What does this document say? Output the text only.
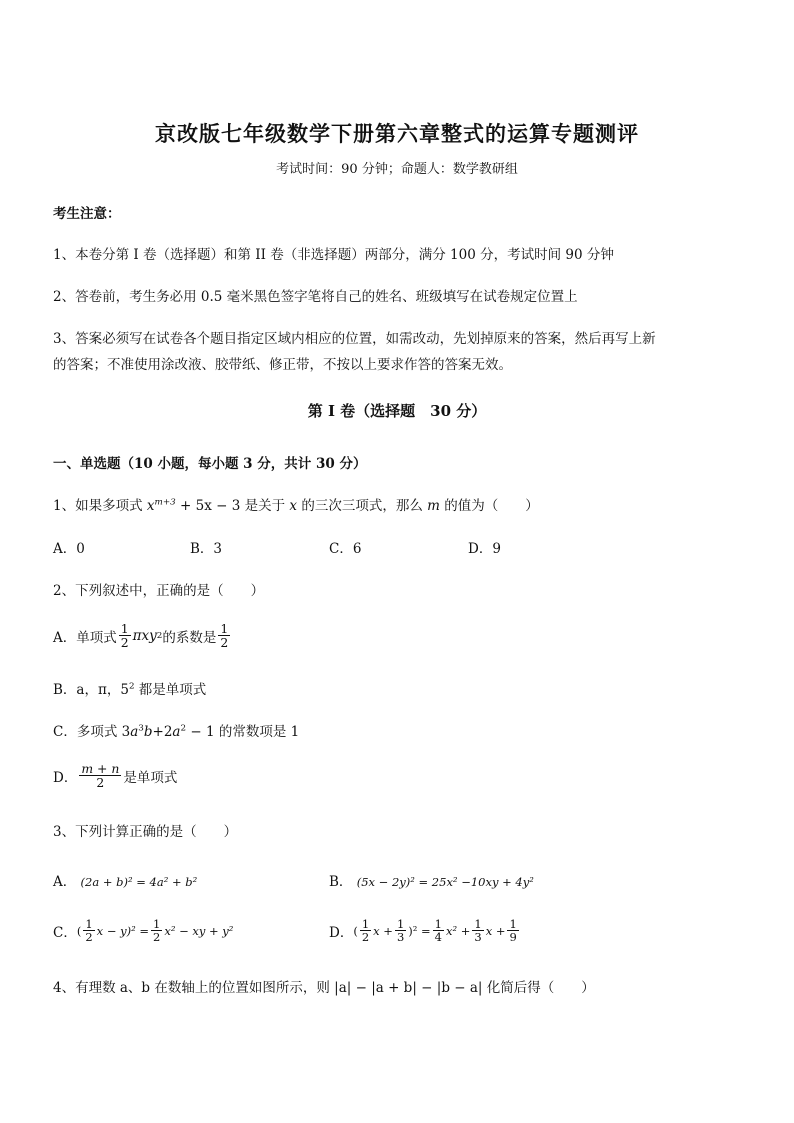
京改版七年级数学下册第六章整式的运算专题测评
考试时间：90 分钟；命题人：数学教研组
考生注意：
1、本卷分第 I 卷（选择题）和第 II 卷（非选择题）两部分，满分 100 分，考试时间 90 分钟
2、答卷前，考生务必用 0.5 毫米黑色签字笔将自己的姓名、班级填写在试卷规定位置上
3、答案必须写在试卷各个题目指定区域内相应的位置，如需改动，先划掉原来的答案，然后再写上新
的答案；不准使用涂改液、胶带纸、修正带，不按以上要求作答的答案无效。
第 I 卷（选择题　30 分）
一、单选题（10 小题，每小题 3 分，共计 30 分）
1、如果多项式 $x^{m+3} + 5x - 3$ 是关于 x 的三次三项式，那么 m 的值为（　　）
A．0	B．3	C．6	D．9
2、下列叙述中，正确的是（　　）
A．单项式 $\frac{1}{2}$ πxy 2 的系数是 $\frac{1}{2}$
B．a，π，$5^2$ 都是单项式
C．多项式 $3a^3b+2a^2 - 1$ 的常数项是 1
D． $\frac{m + n}{2}$ 是单项式
3、下列计算正确的是（　　）
A． (2a + b)² = 4a² + b²	B． (5x − 2y)² = 25x² −10xy + 4y²
C． ( $\frac{1}{2}$ $x - y)^2 = \frac{1}{2} x^2$ − xy + y²	D． ( $\frac{1}{2}$ $x + \frac{1}{3} )^2 = \frac{1}{4} x^2 + \frac{1}{3}$ $x + \frac{1}{9}$
4、有理数 a、b 在数轴上的位置如图所示，则 |a| − |a + b| − |b − a| 化简后得（　　）
